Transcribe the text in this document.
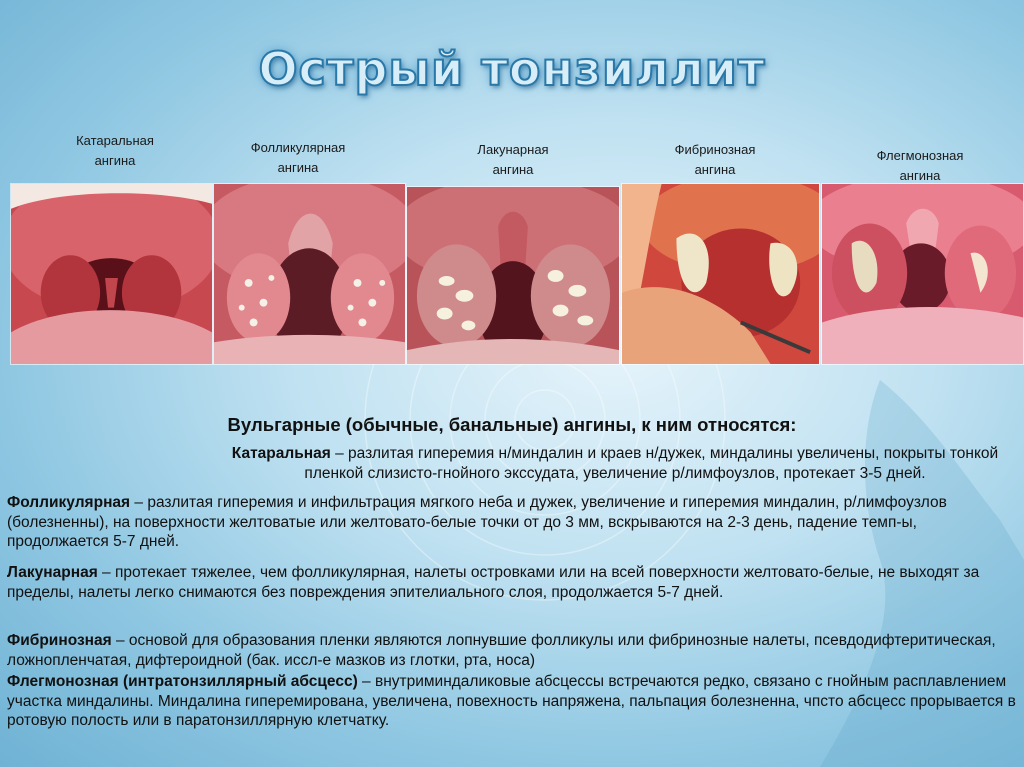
Острый тонзиллит
Катаральная
ангина
Фолликулярная
ангина
Лакунарная
ангина
Фибринозная
ангина
Флегмонозная
ангина
Вульгарные (обычные, банальные) ангины, к ним относятся:
Катаральная – разлитая гиперемия н/миндалин и краев н/дужек, миндалины увеличены, покрыты тонкой пленкой слизисто-гнойного экссудата, увеличение р/лимфоузлов, протекает 3-5 дней.
Фолликулярная – разлитая гиперемия и инфильтрация мягкого неба и дужек, увеличение и гиперемия миндалин, р/лимфоузлов (болезненны), на поверхности желтоватые или желтовато-белые точки от до 3 мм, вскрываются на 2-3 день, падение темп-ы, продолжается 5-7 дней.
Лакунарная – протекает тяжелее, чем фолликулярная, налеты островками или на всей поверхности желтовато-белые, не выходят за пределы, налеты легко снимаются без повреждения эпителиального слоя, продолжается 5-7 дней.
Фибринозная – основой для образования пленки являются лопнувшие фолликулы или фибринозные налеты, псевдодифтеритическая, ложнопленчатая, дифтероидной (бак. иссл-е мазков из глотки, рта, носа)
Флегмонозная (интратонзиллярный абсцесс) – внутриминдаликовые абсцессы встречаются редко, связано с гнойным расплавлением участка миндалины. Миндалина гиперемирована, увеличена, повехность напряжена, пальпация болезненна, чпсто абсцесс прорывается в ротовую полость или в паратонзиллярную клетчатку.
